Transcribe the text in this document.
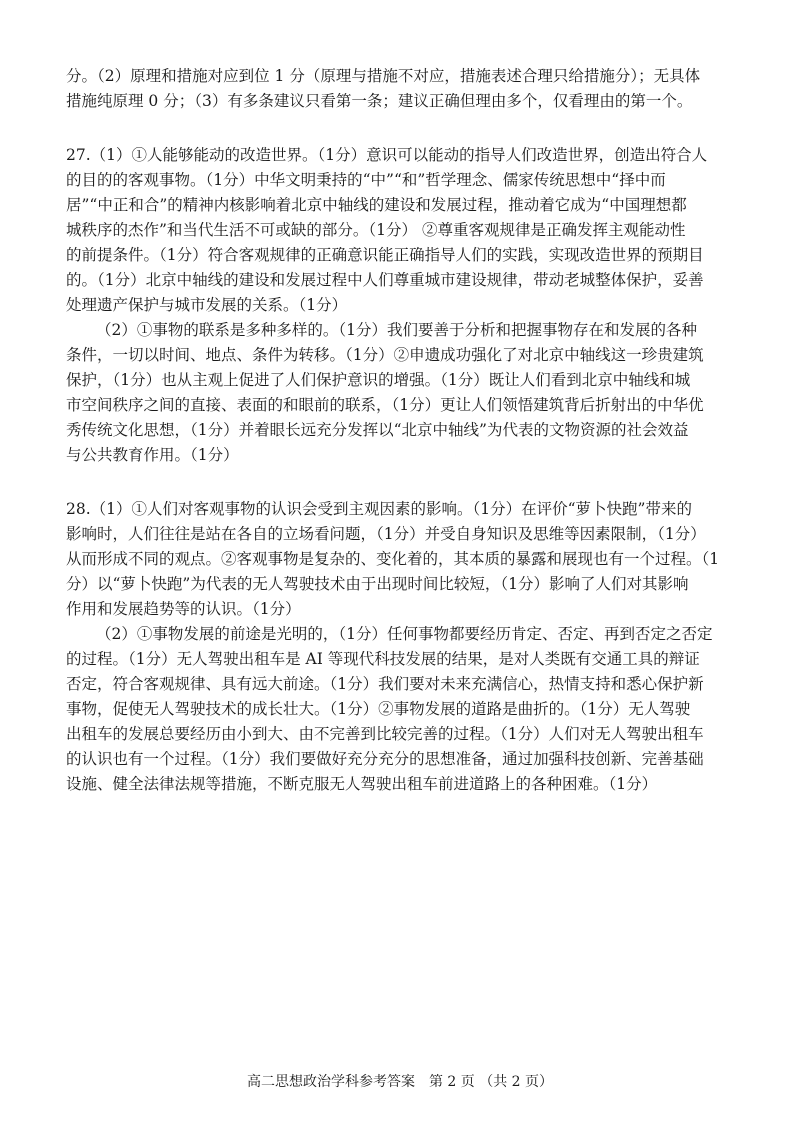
分。（2）原理和措施对应到位 1 分（原理与措施不对应，措施表述合理只给措施分）；无具体
措施纯原理 0 分；（3）有多条建议只看第一条；建议正确但理由多个，仅看理由的第一个。
27.（1）①人能够能动的改造世界。（1分）意识可以能动的指导人们改造世界，创造出符合人
的目的的客观事物。（1分）中华文明秉持的“中”“和”哲学理念、儒家传统思想中“择中而
居”“中正和合”的精神内核影响着北京中轴线的建设和发展过程，推动着它成为“中国理想都
城秩序的杰作”和当代生活不可或缺的部分。（1分） ②尊重客观规律是正确发挥主观能动性
的前提条件。（1分）符合客观规律的正确意识能正确指导人们的实践，实现改造世界的预期目
的。（1分）北京中轴线的建设和发展过程中人们尊重城市建设规律，带动老城整体保护，妥善
处理遗产保护与城市发展的关系。（1分）
（2）①事物的联系是多种多样的。（1分）我们要善于分析和把握事物存在和发展的各种
条件，一切以时间、地点、条件为转移。（1分）②申遗成功强化了对北京中轴线这一珍贵建筑
保护，（1分）也从主观上促进了人们保护意识的增强。（1分）既让人们看到北京中轴线和城
市空间秩序之间的直接、表面的和眼前的联系，（1分）更让人们领悟建筑背后折射出的中华优
秀传统文化思想，（1分）并着眼长远充分发挥以“北京中轴线”为代表的文物资源的社会效益
与公共教育作用。（1分）
28.（1）①人们对客观事物的认识会受到主观因素的影响。（1分）在评价“萝卜快跑”带来的
影响时，人们往往是站在各自的立场看问题，（1分）并受自身知识及思维等因素限制，（1分）
从而形成不同的观点。②客观事物是复杂的、变化着的，其本质的暴露和展现也有一个过程。（1
分）以“萝卜快跑”为代表的无人驾驶技术由于出现时间比较短，（1分）影响了人们对其影响
作用和发展趋势等的认识。（1分）
（2）①事物发展的前途是光明的，（1分）任何事物都要经历肯定、否定、再到否定之否定
的过程。（1分）无人驾驶出租车是 AI 等现代科技发展的结果，是对人类既有交通工具的辩证
否定，符合客观规律、具有远大前途。（1分）我们要对未来充满信心，热情支持和悉心保护新
事物，促使无人驾驶技术的成长壮大。（1分）②事物发展的道路是曲折的。（1分）无人驾驶
出租车的发展总要经历由小到大、由不完善到比较完善的过程。（1分）人们对无人驾驶出租车
的认识也有一个过程。（1分）我们要做好充分充分的思想准备，通过加强科技创新、完善基础
设施、健全法律法规等措施，不断克服无人驾驶出租车前进道路上的各种困难。（1分）
高二思想政治学科参考答案　第 2 页 （共 2 页）
